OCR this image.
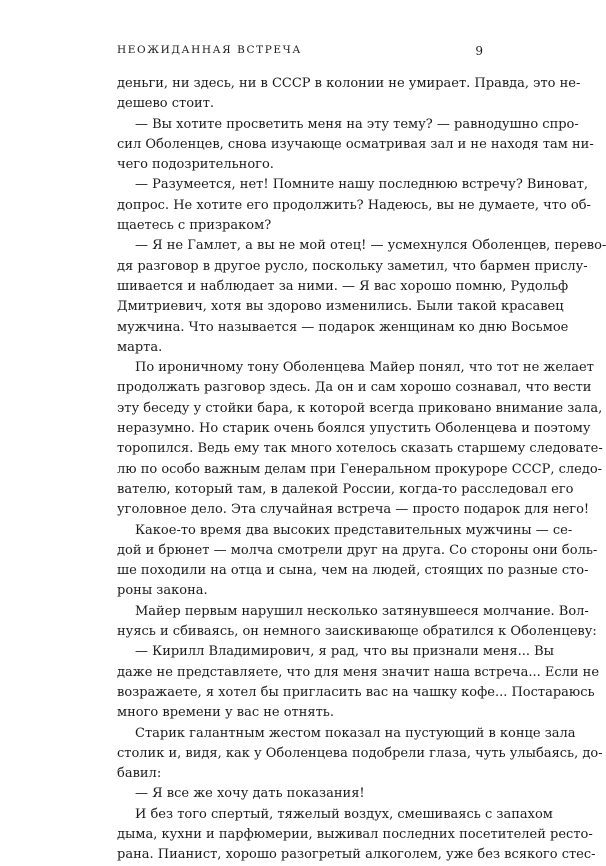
НЕОЖИДАННАЯ ВСТРЕЧА	9
деньги, ни здесь, ни в СССР в колонии не умирает. Правда, это не-
дешево стоит.
— Вы хотите просветить меня на эту тему? — равнодушно спро-
сил Оболенцев, снова изучающе осматривая зал и не находя там ни-
чего подозрительного.
— Разумеется, нет! Помните нашу последнюю встречу? Виноват,
допрос. Не хотите его продолжить? Надеюсь, вы не думаете, что об-
щаетесь с призраком?
— Я не Гамлет, а вы не мой отец! — усмехнулся Оболенцев, перево-
дя разговор в другое русло, поскольку заметил, что бармен прислу-
шивается и наблюдает за ними. — Я вас хорошо помню, Рудольф
Дмитриевич, хотя вы здорово изменились. Были такой красавец
мужчина. Что называется — подарок женщинам ко дню Восьмое
марта.
По ироничному тону Оболенцева Майер понял, что тот не желает
продолжать разговор здесь. Да он и сам хорошо сознавал, что вести
эту беседу у стойки бара, к которой всегда приковано внимание зала,
неразумно. Но старик очень боялся упустить Оболенцева и поэтому
торопился. Ведь ему так много хотелось сказать старшему следовате-
лю по особо важным делам при Генеральном прокуроре СССР, следо-
вателю, который там, в далекой России, когда-то расследовал его
уголовное дело. Эта случайная встреча — просто подарок для него!
Какое-то время два высоких представительных мужчины — се-
дой и брюнет — молча смотрели друг на друга. Со стороны они боль-
ше походили на отца и сына, чем на людей, стоящих по разные сто-
роны закона.
Майер первым нарушил несколько затянувшееся молчание. Вол-
нуясь и сбиваясь, он немного заискивающе обратился к Оболенцеву:
— Кирилл Владимирович, я рад, что вы признали меня... Вы
даже не представляете, что для меня значит наша встреча... Если не
возражаете, я хотел бы пригласить вас на чашку кофе... Постараюсь
много времени у вас не отнять.
Старик галантным жестом показал на пустующий в конце зала
столик и, видя, как у Оболенцева подобрели глаза, чуть улыбаясь, до-
бавил:
— Я все же хочу дать показания!
И без того спертый, тяжелый воздух, смешиваясь с запахом
дыма, кухни и парфюмерии, выживал последних посетителей ресто-
рана. Пианист, хорошо разогретый алкоголем, уже без всякого стес-
